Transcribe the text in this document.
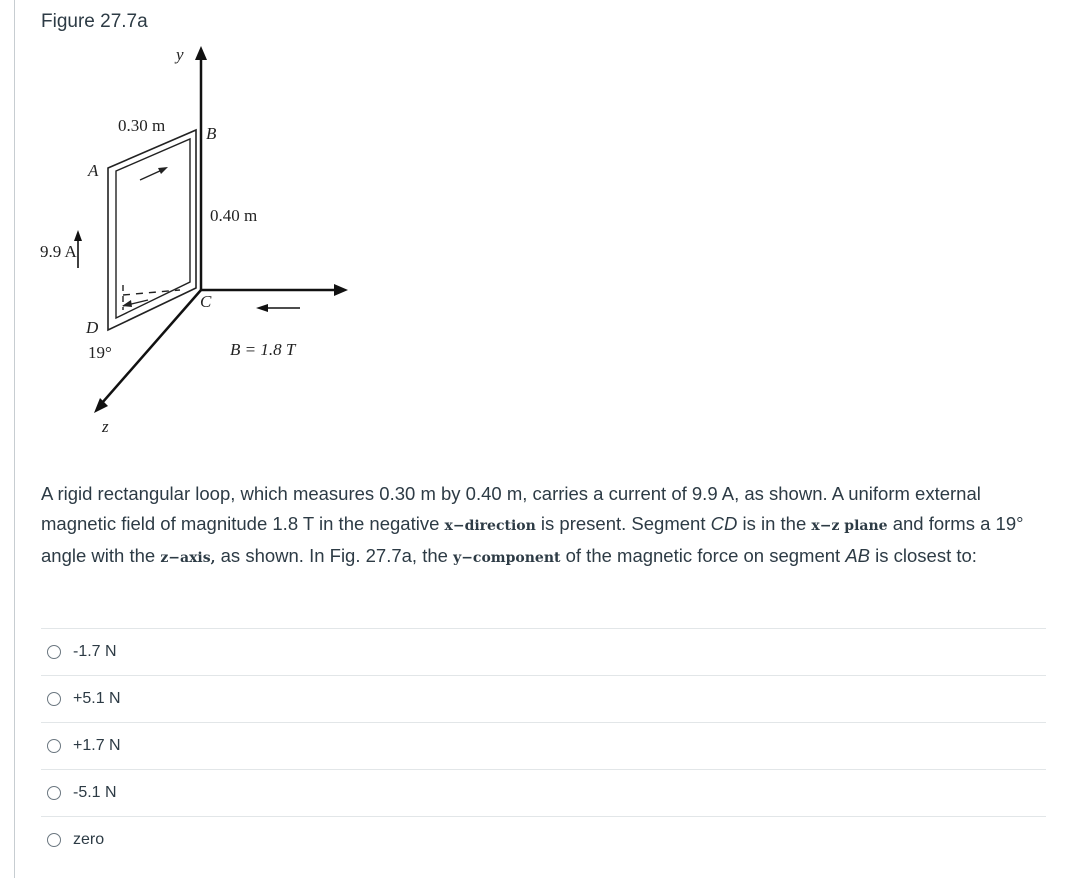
Figure 27.7a
y
0.30 m B
A
0.40 m
9.9 A
C
D
19°	B = 1.8 T
z
A rigid rectangular loop, which measures 0.30 m by 0.40 m, carries a current of 9.9 A, as shown. A uniform external magnetic field of magnitude 1.8 T in the negative x−direction is present. Segment CD is in the x−z plane and forms a 19° angle with the z−axis, as shown. In Fig. 27.7a, the y−component of the magnetic force on segment AB is closest to:
-1.7 N
+5.1 N
+1.7 N
-5.1 N
zero
